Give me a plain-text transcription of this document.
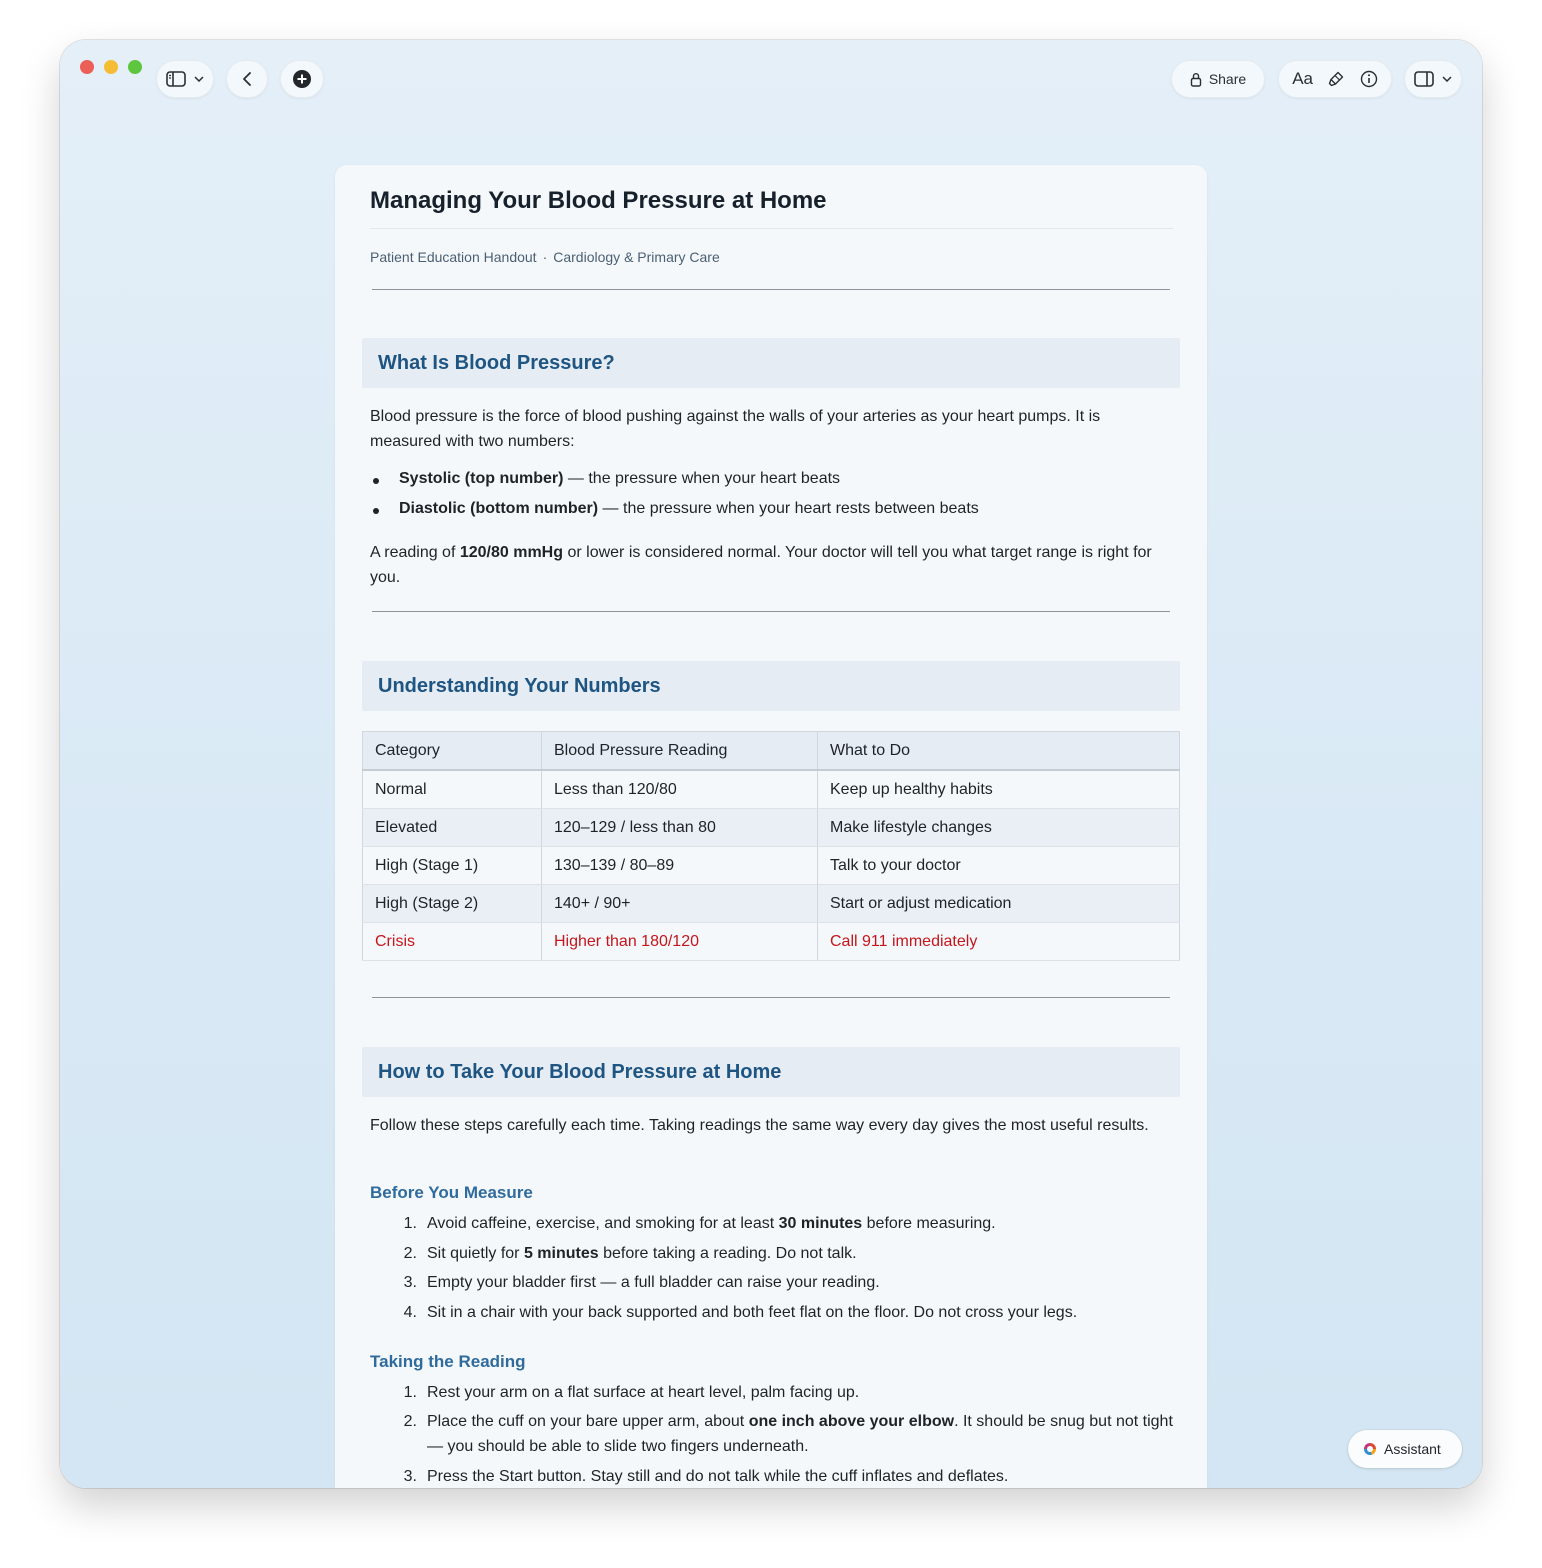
Share	Aa
Managing Your Blood Pressure at Home
Patient Education Handout · Cardiology & Primary Care
What Is Blood Pressure?
Blood pressure is the force of blood pushing against the walls of your arteries as your heart pumps. It is measured with two numbers:
Systolic (top number) — the pressure when your heart beats
Diastolic (bottom number) — the pressure when your heart rests between beats
A reading of 120/80 mmHg or lower is considered normal. Your doctor will tell you what target range is right for you.
Understanding Your Numbers
Category	Blood Pressure Reading	What to Do
Normal	Less than 120/80	Keep up healthy habits
Elevated	120–129 / less than 80	Make lifestyle changes
High (Stage 1)	130–139 / 80–89	Talk to your doctor
High (Stage 2)	140+ / 90+	Start or adjust medication
Crisis	Higher than 180/120	Call 911 immediately
How to Take Your Blood Pressure at Home
Follow these steps carefully each time. Taking readings the same way every day gives the most useful results.
Before You Measure
1. Avoid caffeine, exercise, and smoking for at least 30 minutes before measuring.
2. Sit quietly for 5 minutes before taking a reading. Do not talk.
3. Empty your bladder first — a full bladder can raise your reading.
4. Sit in a chair with your back supported and both feet flat on the floor. Do not cross your legs.
Taking the Reading
1. Rest your arm on a flat surface at heart level, palm facing up.
2. Place the cuff on your bare upper arm, about one inch above your elbow. It should be snug but not tight — you should be able to slide two fingers underneath.
3. Press the Start button. Stay still and do not talk while the cuff inflates and deflates.
Assistant
